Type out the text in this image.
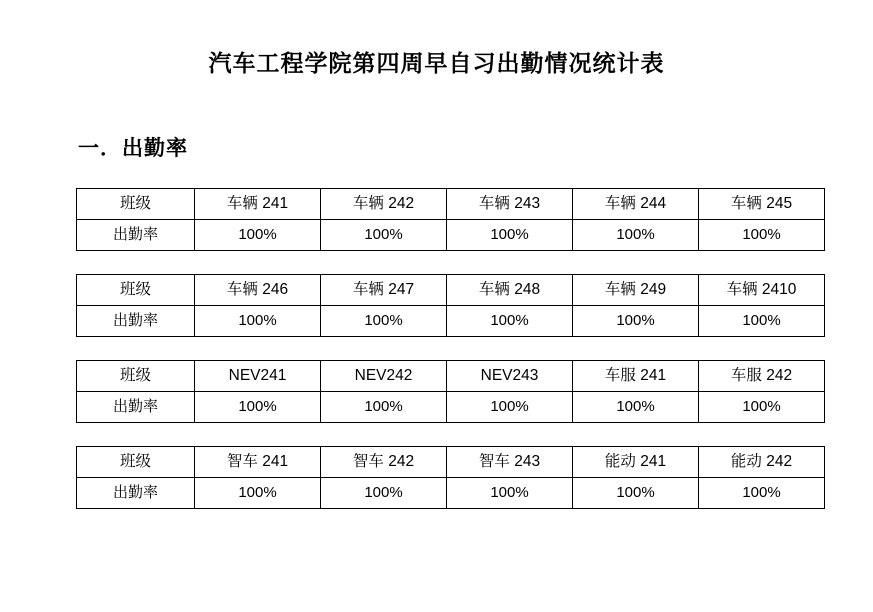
汽车工程学院第四周早自习出勤情况统计表
一．出勤率
班级	车辆 241	车辆 242	车辆 243	车辆 244	车辆 245
出勤率	100%	100%	100%	100%	100%
班级	车辆 246	车辆 247	车辆 248	车辆 249	车辆 2410
出勤率	100%	100%	100%	100%	100%
班级	NEV241	NEV242	NEV243	车服 241	车服 242
出勤率	100%	100%	100%	100%	100%
班级	智车 241	智车 242	智车 243	能动 241	能动 242
出勤率	100%	100%	100%	100%	100%
